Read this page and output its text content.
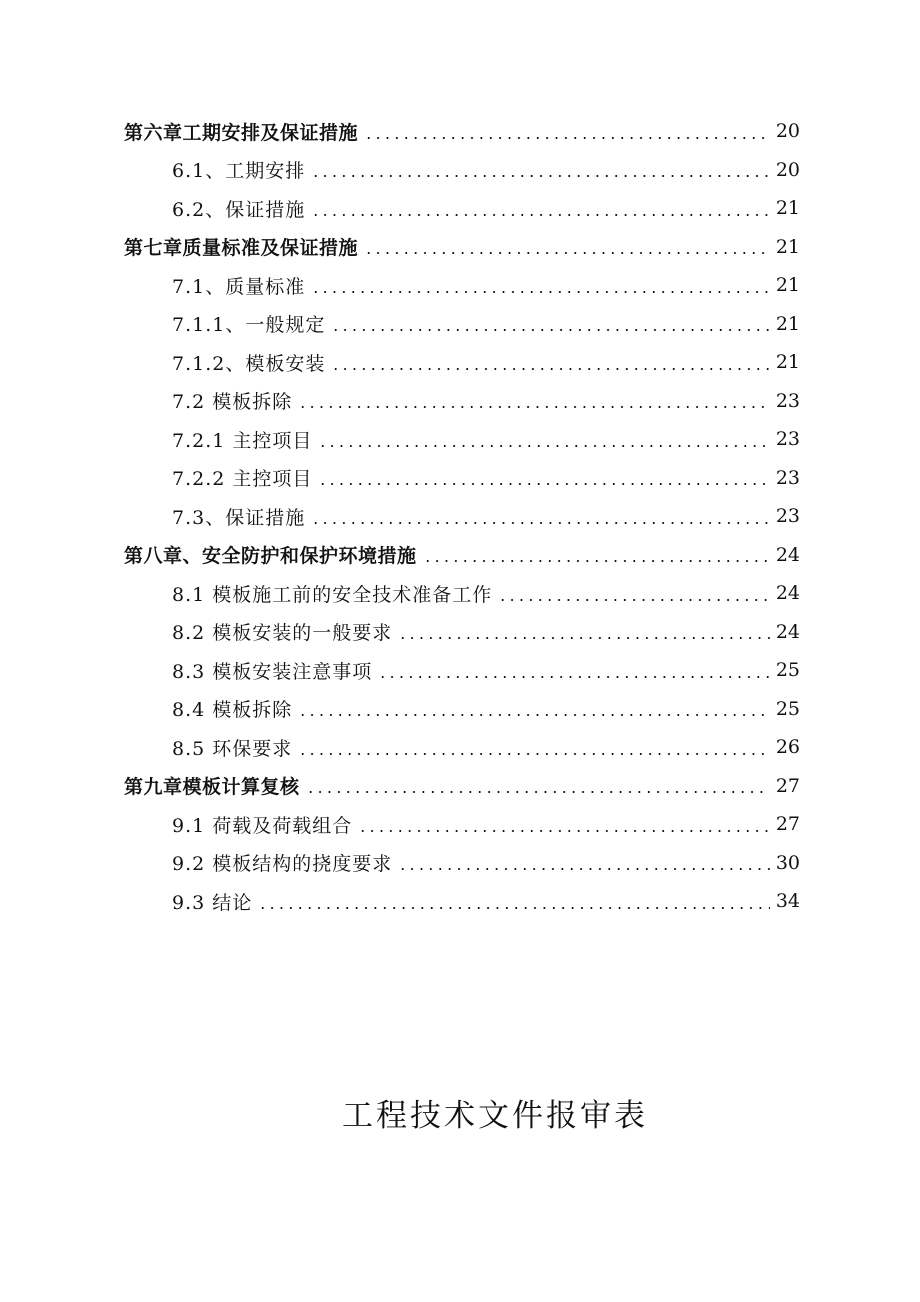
第六章工期安排及保证措施	20
6.1、工期安排	20
6.2、保证措施	21
第七章质量标准及保证措施	21
7.1、质量标准	21
7.1.1、一般规定	21
7.1.2、模板安装	21
7.2 模板拆除	23
7.2.1 主控项目	23
7.2.2 主控项目	23
7.3、保证措施	23
第八章、安全防护和保护环境措施	24
8.1 模板施工前的安全技术准备工作	24
8.2 模板安装的一般要求	24
8.3 模板安装注意事项	25
8.4 模板拆除	25
8.5 环保要求	26
第九章模板计算复核	27
9.1 荷载及荷载组合	27
9.2 模板结构的挠度要求	30
9.3 结论	34
工程技术文件报审表
